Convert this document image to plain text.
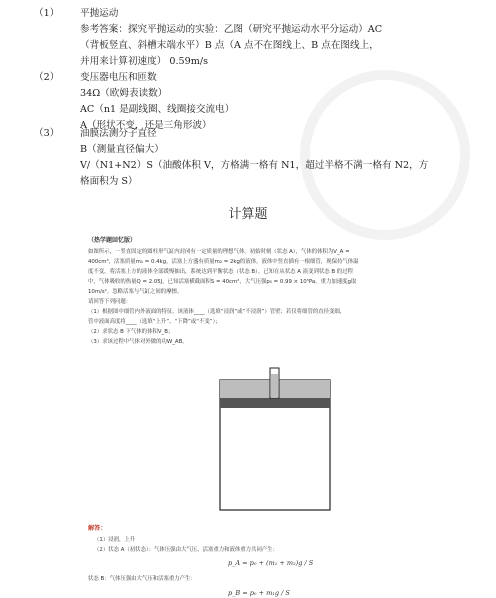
（1） 平抛运动
参考答案：探究平抛运动的实验：乙图（研究平抛运动水平分运动）AC
（背板竖直、斜槽末端水平）B 点（A 点不在图线上、B 点在图线上，
并用来计算初速度） 0.59m/s
（2） 变压器电压和匝数
34Ω（欧姆表读数）
AC（n1 是副线圈、线圈接交流电）
A（形状不变，还是三角形波）
（3） 油膜法测分子直径
B（测量直径偏大）
V/（N1+N2）S（油酸体积 V，方格满一格有 N1，超过半格不满一格有 N2，方
格面积为 S）
计算题
（热学题回忆版）
如图所示，一竖直固定的圆柱形气缸内封闭有一定质量的理想气体。初始时刻（状态 A），气体的体积为V_A =
400cm³，活塞质量m₁ = 0.4kg，活塞上方盛有质量m₂ = 2kg的液体，液体中竖直插有一根细管，现保持气体温
度不变，将活塞上方的液体全部缓慢抽出，系统达到平衡状态（状态 B）。已知在从状态 A 演变到状态 B 的过程
中，气体吸收的热量Q = 2.05J，已知活塞横截面积S = 40cm²，大气压强p₀ = 0.99 × 10⁵Pa，重力加速度g取
10m/s²。忽略活塞与气缸之间的摩擦。
请回答下列问题：
（1）根据图中细管内外液面的特征，该液体____（选填“浸润”或“不浸润”）管壁；若仅将细管的直径变细，
管中液面高度将____（选填“上升”、“下降”或“不变”）；
（2）求状态 B 下气体的体积V_B；
（3）求该过程中气体对外做的功W_AB。
解答：
（1）浸润，上升
（2）状态 A（初状态）：气体压强由大气压、活塞重力和液体重力共同产生：
p_A = p₀ + (m₁ + m₂)g / S
状态 B：气体压强由大气压和活塞重力产生：
p_B = p₀ + m₁g / S
